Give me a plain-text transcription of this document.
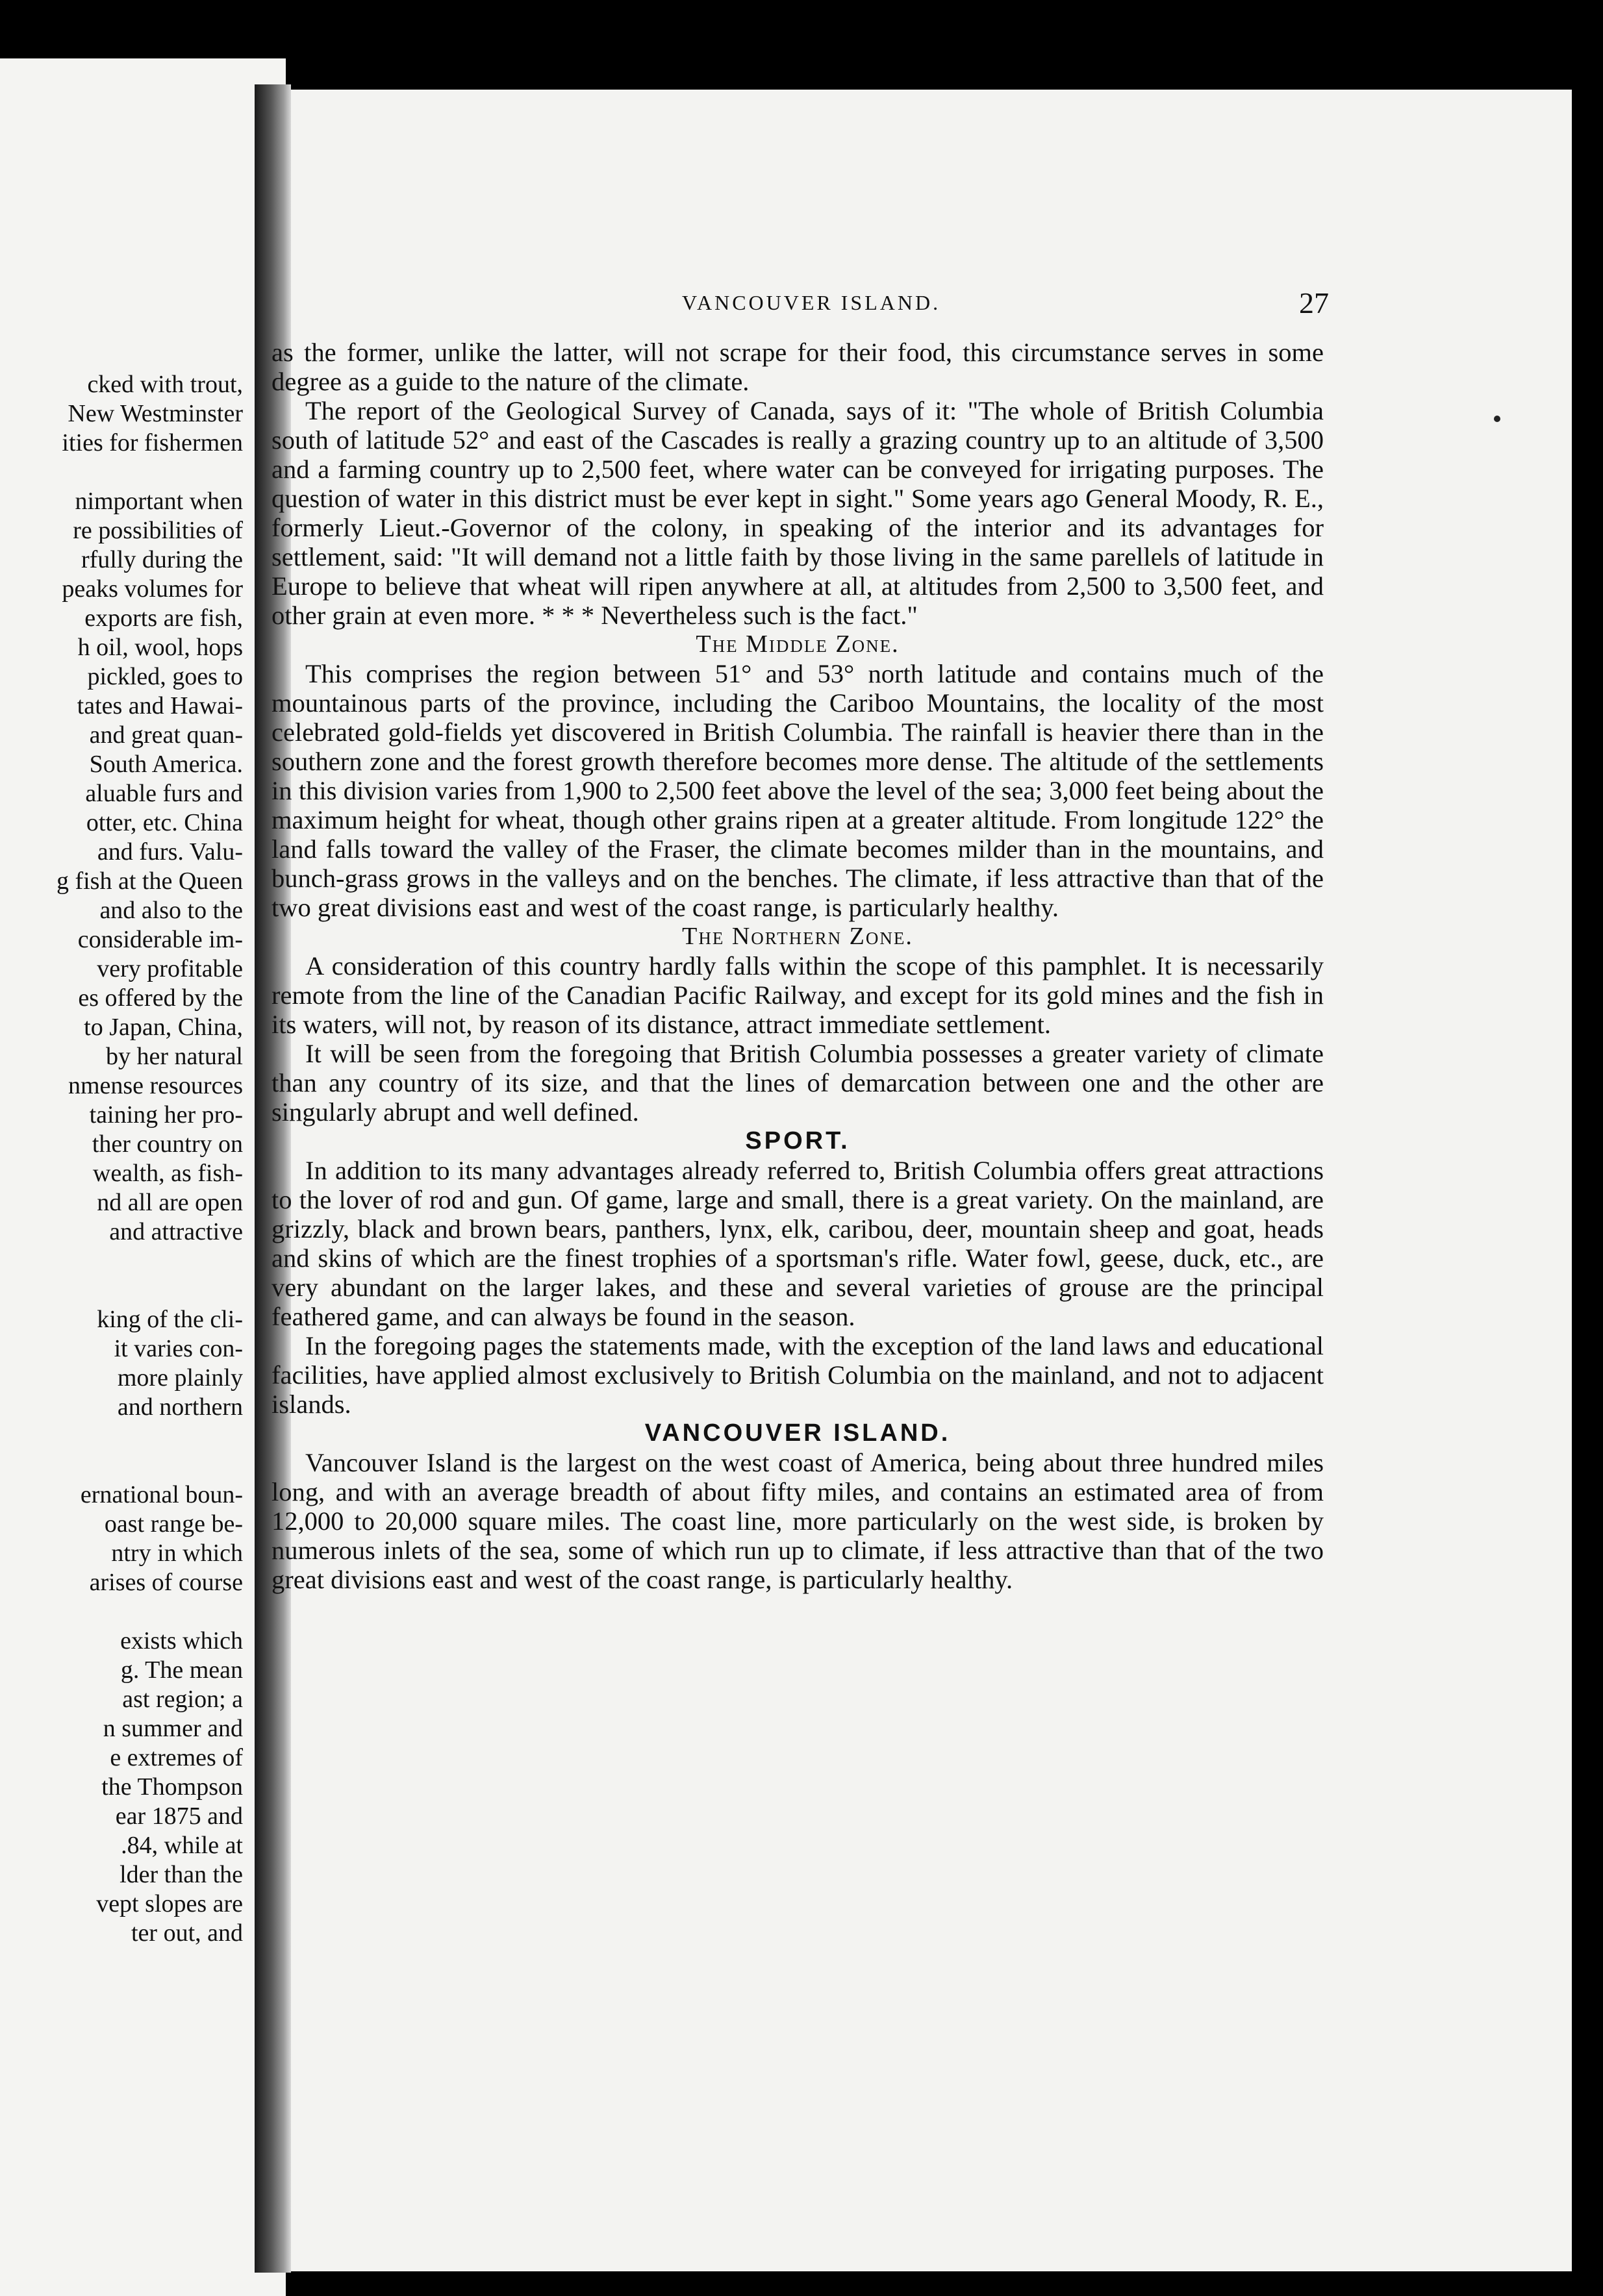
cked with trout,
New Westminster
ities for fishermen
nimportant when
re possibilities of
rfully during the
peaks volumes for
exports are fish,
h oil, wool, hops
pickled, goes to
tates and Hawai-
and great quan-
South America.
aluable furs and
otter, etc. China
and furs. Valu-
g fish at the Queen
and also to the
considerable im-
very profitable
es offered by the
to Japan, China,
by her natural
nmense resources
taining her pro-
ther country on
wealth, as fish-
nd all are open
and attractive
king of the cli-
it varies con-
more plainly
and northern
ernational boun-
oast range be-
ntry in which
arises of course
exists which
g. The mean
ast region; a
n summer and
e extremes of
the Thompson
ear 1875 and
.84, while at
lder than the
vept slopes are
ter out, and
VANCOUVER ISLAND.	27

as the former, unlike the latter, will not scrape for their food, this circumstance serves in some degree as a guide to the nature of the climate.

The report of the Geological Survey of Canada, says of it: "The whole of British Columbia south of latitude 52° and east of the Cascades is really a grazing country up to an altitude of 3,500 and a farming country up to 2,500 feet, where water can be conveyed for irrigating purposes. The question of water in this district must be ever kept in sight." Some years ago General Moody, R. E., formerly Lieut.-Governor of the colony, in speaking of the interior and its advantages for settlement, said: "It will demand not a little faith by those living in the same parellels of latitude in Europe to believe that wheat will ripen anywhere at all, at altitudes from 2,500 to 3,500 feet, and other grain at even more. * * * Nevertheless such is the fact."

The Middle Zone.

This comprises the region between 51° and 53° north latitude and contains much of the mountainous parts of the province, including the Cariboo Mountains, the locality of the most celebrated gold-fields yet discovered in British Columbia. The rainfall is heavier there than in the southern zone and the forest growth therefore becomes more dense. The altitude of the settlements in this division varies from 1,900 to 2,500 feet above the level of the sea; 3,000 feet being about the maximum height for wheat, though other grains ripen at a greater altitude. From longitude 122° the land falls toward the valley of the Fraser, the climate becomes milder than in the mountains, and bunch-grass grows in the valleys and on the benches. The climate, if less attractive than that of the two great divisions east and west of the coast range, is particularly healthy.

The Northern Zone.

A consideration of this country hardly falls within the scope of this pamphlet. It is necessarily remote from the line of the Canadian Pacific Railway, and except for its gold mines and the fish in its waters, will not, by reason of its distance, attract immediate settlement.

It will be seen from the foregoing that British Columbia possesses a greater variety of climate than any country of its size, and that the lines of demarcation between one and the other are singularly abrupt and well defined.

SPORT.

In addition to its many advantages already referred to, British Columbia offers great attractions to the lover of rod and gun. Of game, large and small, there is a great variety. On the mainland, are grizzly, black and brown bears, panthers, lynx, elk, caribou, deer, mountain sheep and goat, heads and skins of which are the finest trophies of a sportsman's rifle. Water fowl, geese, duck, etc., are very abundant on the larger lakes, and these and several varieties of grouse are the principal feathered game, and can always be found in the season.

In the foregoing pages the statements made, with the exception of the land laws and educational facilities, have applied almost exclusively to British Columbia on the mainland, and not to adjacent islands.

VANCOUVER ISLAND.

Vancouver Island is the largest on the west coast of America, being about three hundred miles long, and with an average breadth of about fifty miles, and contains an estimated area of from 12,000 to 20,000 square miles. The coast line, more particularly on the west side, is broken by numerous inlets of the sea, some of which run up to climate, if less attractive than that of the two great divisions east and west of the coast range, is particularly healthy.
